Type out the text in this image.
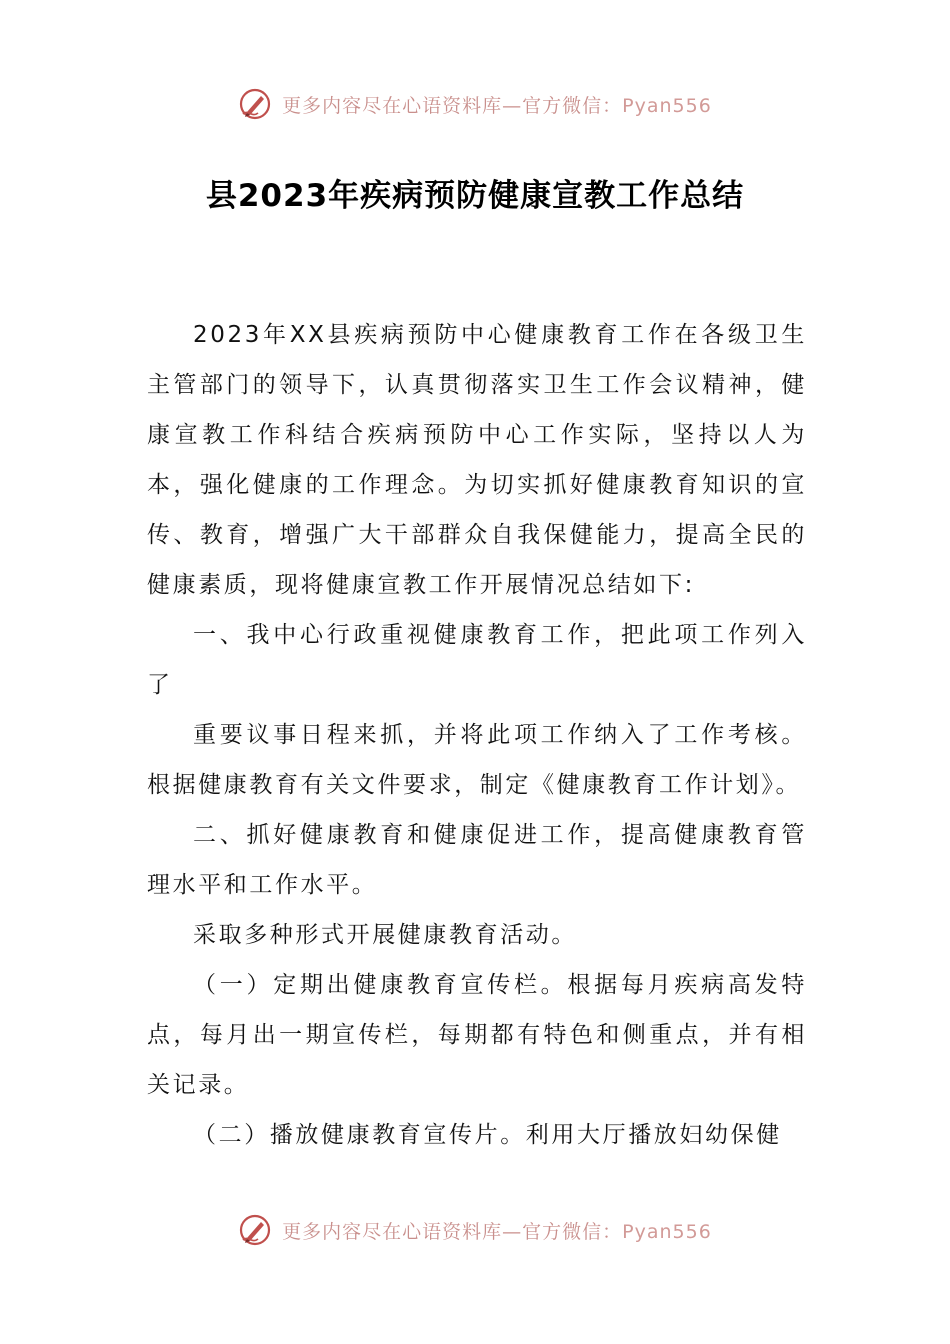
更多内容尽在心语资料库—官方微信：Pyan556
县2023年疾病预防健康宣教工作总结

2023年XX县疾病预防中心健康教育工作在各级卫生主管部门的领导下，认真贯彻落实卫生工作会议精神，健康宣教工作科结合疾病预防中心工作实际，坚持以人为本，强化健康的工作理念。为切实抓好健康教育知识的宣传、教育，增强广大干部群众自我保健能力，提高全民的健康素质，现将健康宣教工作开展情况总结如下:

一、我中心行政重视健康教育工作，把此项工作列入了

重要议事日程来抓，并将此项工作纳入了工作考核。根据健康教育有关文件要求，制定《健康教育工作计划》。

二、抓好健康教育和健康促进工作，提高健康教育管理水平和工作水平。

采取多种形式开展健康教育活动。

（一）定期出健康教育宣传栏。根据每月疾病高发特点，每月出一期宣传栏，每期都有特色和侧重点，并有相关记录。

（二）播放健康教育宣传片。利用大厅播放妇幼保健

更多内容尽在心语资料库—官方微信：Pyan556
